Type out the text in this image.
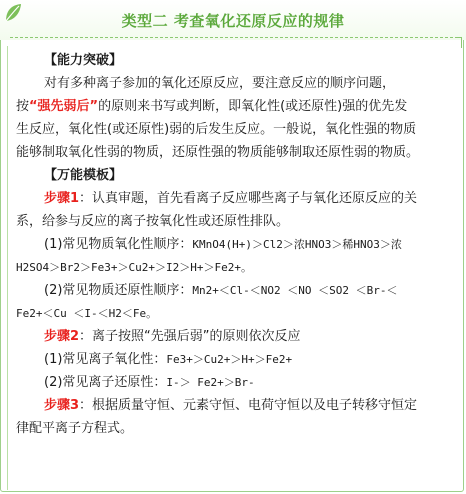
类型二 考查氧化还原反应的规律

【能力突破】

对有多种离子参加的氧化还原反应，要注意反应的顺序问题，

按“强先弱后”的原则来书写或判断，即氧化性(或还原性)强的优先发

生反应，氧化性(或还原性)弱的后发生反应。一般说，氧化性强的物质

能够制取氧化性弱的物质，还原性强的物质能够制取还原性弱的物质。

【万能模板】

步骤1：认真审题，首先看离子反应哪些离子与氧化还原反应的关

系，给参与反应的离子按氧化性或还原性排队。

(1)常见物质氧化性顺序：KMnO4(H+)＞Cl2＞浓HNO3＞稀HNO3＞浓

H2SO4＞Br2＞Fe3+＞Cu2+＞I2＞H+＞Fe2+。

(2)常见物质还原性顺序：Mn2+＜Cl-＜NO2 ＜NO ＜SO2 ＜Br-＜

Fe2+＜Cu ＜I-＜H2＜Fe。

步骤2：离子按照“先强后弱”的原则依次反应

(1)常见离子氧化性：Fe3+＞Cu2+＞H+＞Fe2+

(2)常见离子还原性：I-＞ Fe2+＞Br-

步骤3：根据质量守恒、元素守恒、电荷守恒以及电子转移守恒定

律配平离子方程式。
